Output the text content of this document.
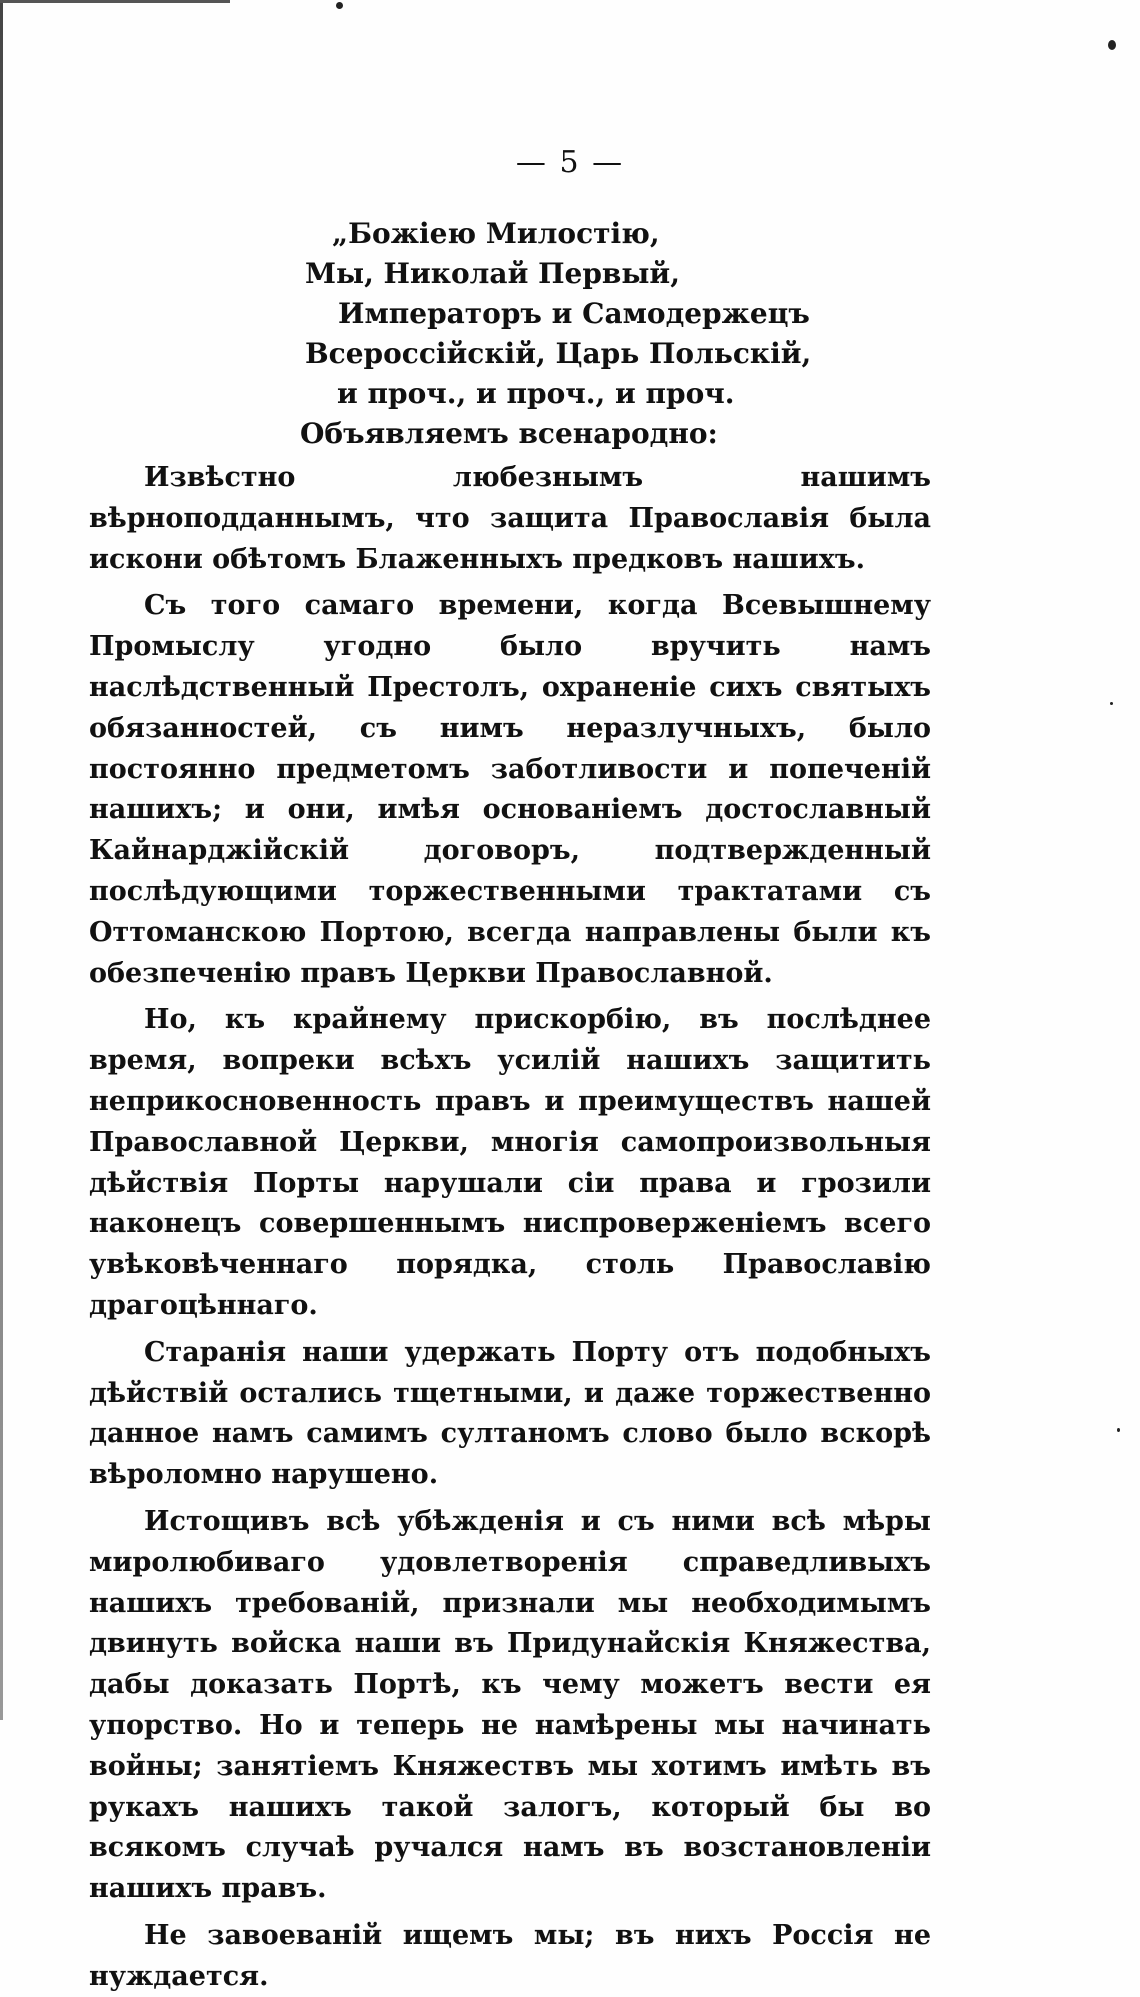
— 5 —
„Божіею Милостію,
Мы, Николай Первый,
Императоръ и Самодержецъ
Всероссійскій, Царь Польскій,
и проч., и проч., и проч.
Объявляемъ всенародно:

Извѣстно любезнымъ нашимъ вѣрноподданнымъ, что защита Православія была искони обѣтомъ Блаженныхъ предковъ нашихъ.

Съ того самаго времени, когда Всевышнему Промыслу угодно было вручить намъ наслѣдственный Престолъ, охраненіе сихъ святыхъ обязанностей, съ нимъ неразлучныхъ, было постоянно предметомъ заботливости и попеченій нашихъ; и они, имѣя основаніемъ достославный Кайнарджійскій договоръ, подтвержденный послѣдующими торжественными трактатами съ Оттоманскою Портою, всегда направлены были къ обезпеченію правъ Церкви Православной.

Но, къ крайнему прискорбію, въ послѣднее время, вопреки всѣхъ усилій нашихъ защитить неприкосновенность правъ и преимуществъ нашей Православной Церкви, многія самопроизвольныя дѣйствія Порты нарушали сіи права и грозили наконецъ совершеннымъ ниспроверженіемъ всего увѣковѣченнаго порядка, столь Православію драгоцѣннаго.

Старанія наши удержать Порту отъ подобныхъ дѣйствій остались тщетными, и даже торжественно данное намъ самимъ султаномъ слово было вскорѣ вѣроломно нарушено.

Истощивъ всѣ убѣжденія и съ ними всѣ мѣры миролюбиваго удовлетворенія справедливыхъ нашихъ требованій, признали мы необходимымъ двинуть войска наши въ Придунайскія Княжества, дабы доказать Портѣ, къ чему можетъ вести ея упорство. Но и теперь не намѣрены мы начинать войны; занятіемъ Княжествъ мы хотимъ имѣть въ рукахъ нашихъ такой залогъ, который бы во всякомъ случаѣ ручался намъ въ возстановленіи нашихъ правъ.

Не завоеваній ищемъ мы; въ нихъ Россія не нуждается.
